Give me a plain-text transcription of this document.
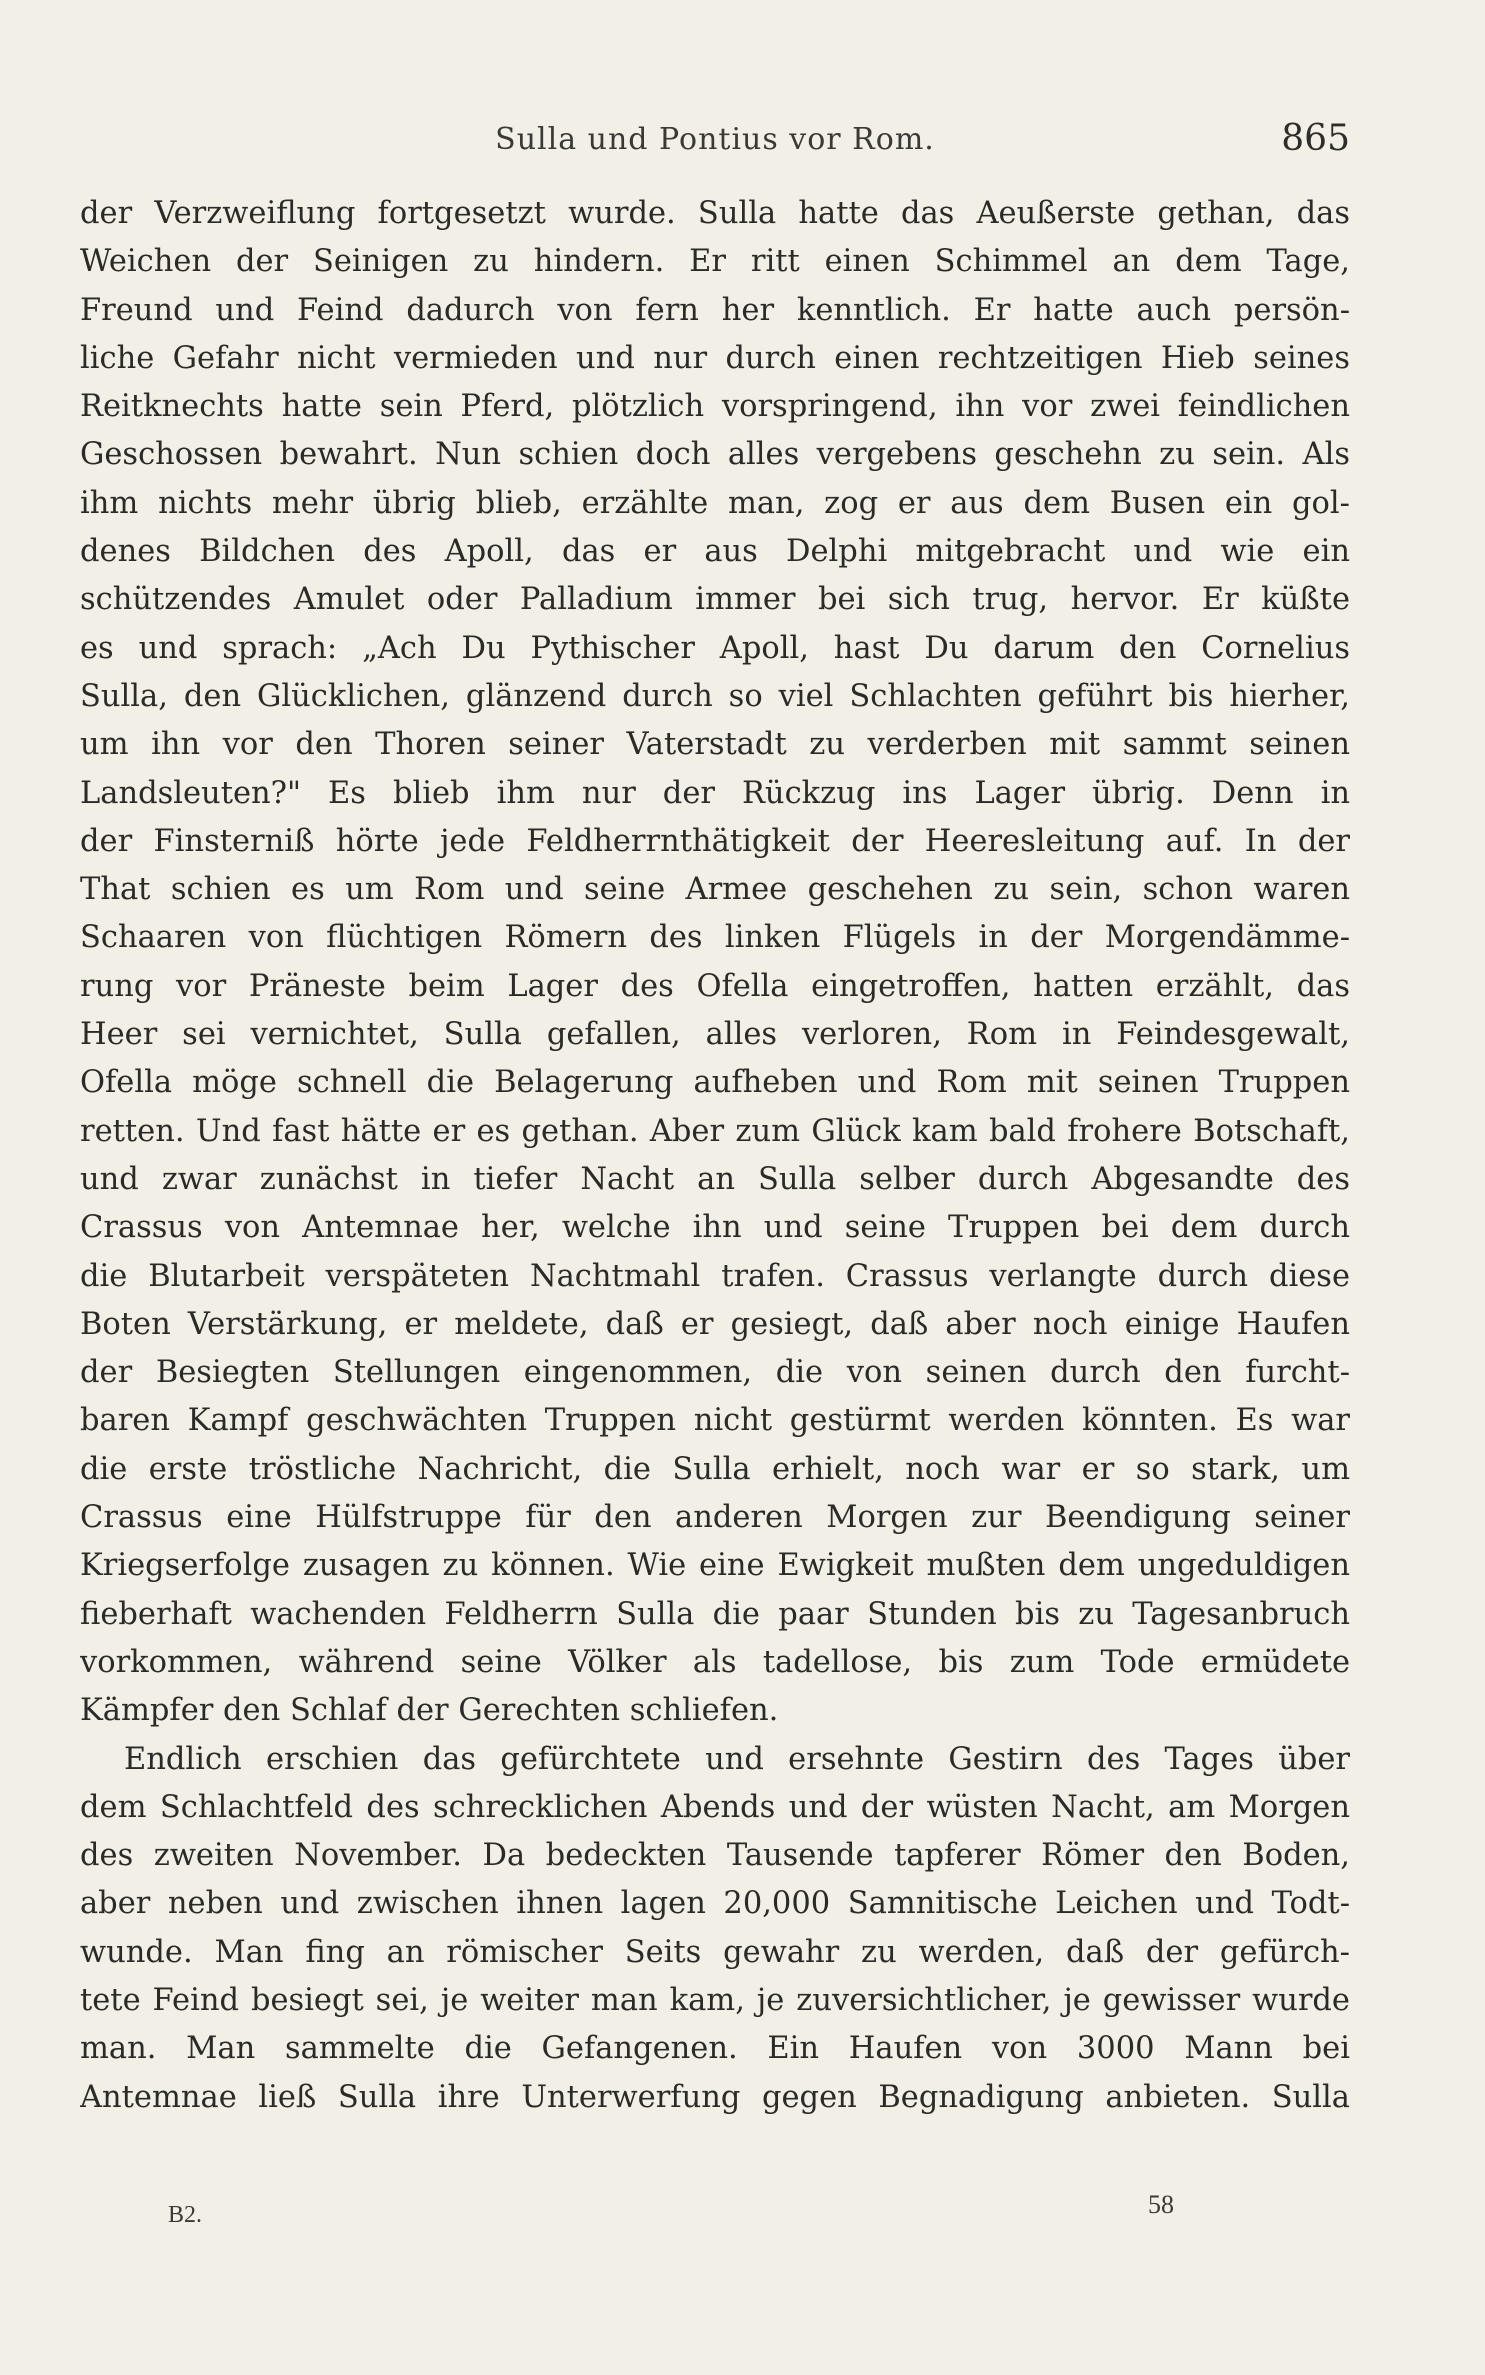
Sulla und Pontius vor Rom.	865
der Verzweiflung fortgesetzt wurde. Sulla hatte das Aeußerste gethan, das
Weichen der Seinigen zu hindern. Er ritt einen Schimmel an dem Tage,
Freund und Feind dadurch von fern her kenntlich. Er hatte auch persön-
liche Gefahr nicht vermieden und nur durch einen rechtzeitigen Hieb seines
Reitknechts hatte sein Pferd, plötzlich vorspringend, ihn vor zwei feindlichen
Geschossen bewahrt. Nun schien doch alles vergebens geschehn zu sein. Als
ihm nichts mehr übrig blieb, erzählte man, zog er aus dem Busen ein gol-
denes Bildchen des Apoll, das er aus Delphi mitgebracht und wie ein
schützendes Amulet oder Palladium immer bei sich trug, hervor. Er küßte
es und sprach: „Ach Du Pythischer Apoll, hast Du darum den Cornelius
Sulla, den Glücklichen, glänzend durch so viel Schlachten geführt bis hierher,
um ihn vor den Thoren seiner Vaterstadt zu verderben mit sammt seinen
Landsleuten?" Es blieb ihm nur der Rückzug ins Lager übrig. Denn in
der Finsterniß hörte jede Feldherrnthätigkeit der Heeresleitung auf. In der
That schien es um Rom und seine Armee geschehen zu sein, schon waren
Schaaren von flüchtigen Römern des linken Flügels in der Morgendämme-
rung vor Präneste beim Lager des Ofella eingetroffen, hatten erzählt, das
Heer sei vernichtet, Sulla gefallen, alles verloren, Rom in Feindesgewalt,
Ofella möge schnell die Belagerung aufheben und Rom mit seinen Truppen
retten. Und fast hätte er es gethan. Aber zum Glück kam bald frohere Botschaft,
und zwar zunächst in tiefer Nacht an Sulla selber durch Abgesandte des
Crassus von Antemnae her, welche ihn und seine Truppen bei dem durch
die Blutarbeit verspäteten Nachtmahl trafen. Crassus verlangte durch diese
Boten Verstärkung, er meldete, daß er gesiegt, daß aber noch einige Haufen
der Besiegten Stellungen eingenommen, die von seinen durch den furcht-
baren Kampf geschwächten Truppen nicht gestürmt werden könnten. Es war
die erste tröstliche Nachricht, die Sulla erhielt, noch war er so stark, um
Crassus eine Hülfstruppe für den anderen Morgen zur Beendigung seiner
Kriegserfolge zusagen zu können. Wie eine Ewigkeit mußten dem ungeduldigen
fieberhaft wachenden Feldherrn Sulla die paar Stunden bis zu Tagesanbruch
vorkommen, während seine Völker als tadellose, bis zum Tode ermüdete
Kämpfer den Schlaf der Gerechten schliefen.
Endlich erschien das gefürchtete und ersehnte Gestirn des Tages über
dem Schlachtfeld des schrecklichen Abends und der wüsten Nacht, am Morgen
des zweiten November. Da bedeckten Tausende tapferer Römer den Boden,
aber neben und zwischen ihnen lagen 20,000 Samnitische Leichen und Todt-
wunde. Man fing an römischer Seits gewahr zu werden, daß der gefürch-
tete Feind besiegt sei, je weiter man kam, je zuversichtlicher, je gewisser wurde
man. Man sammelte die Gefangenen. Ein Haufen von 3000 Mann bei
Antemnae ließ Sulla ihre Unterwerfung gegen Begnadigung anbieten. Sulla
B2.	58
